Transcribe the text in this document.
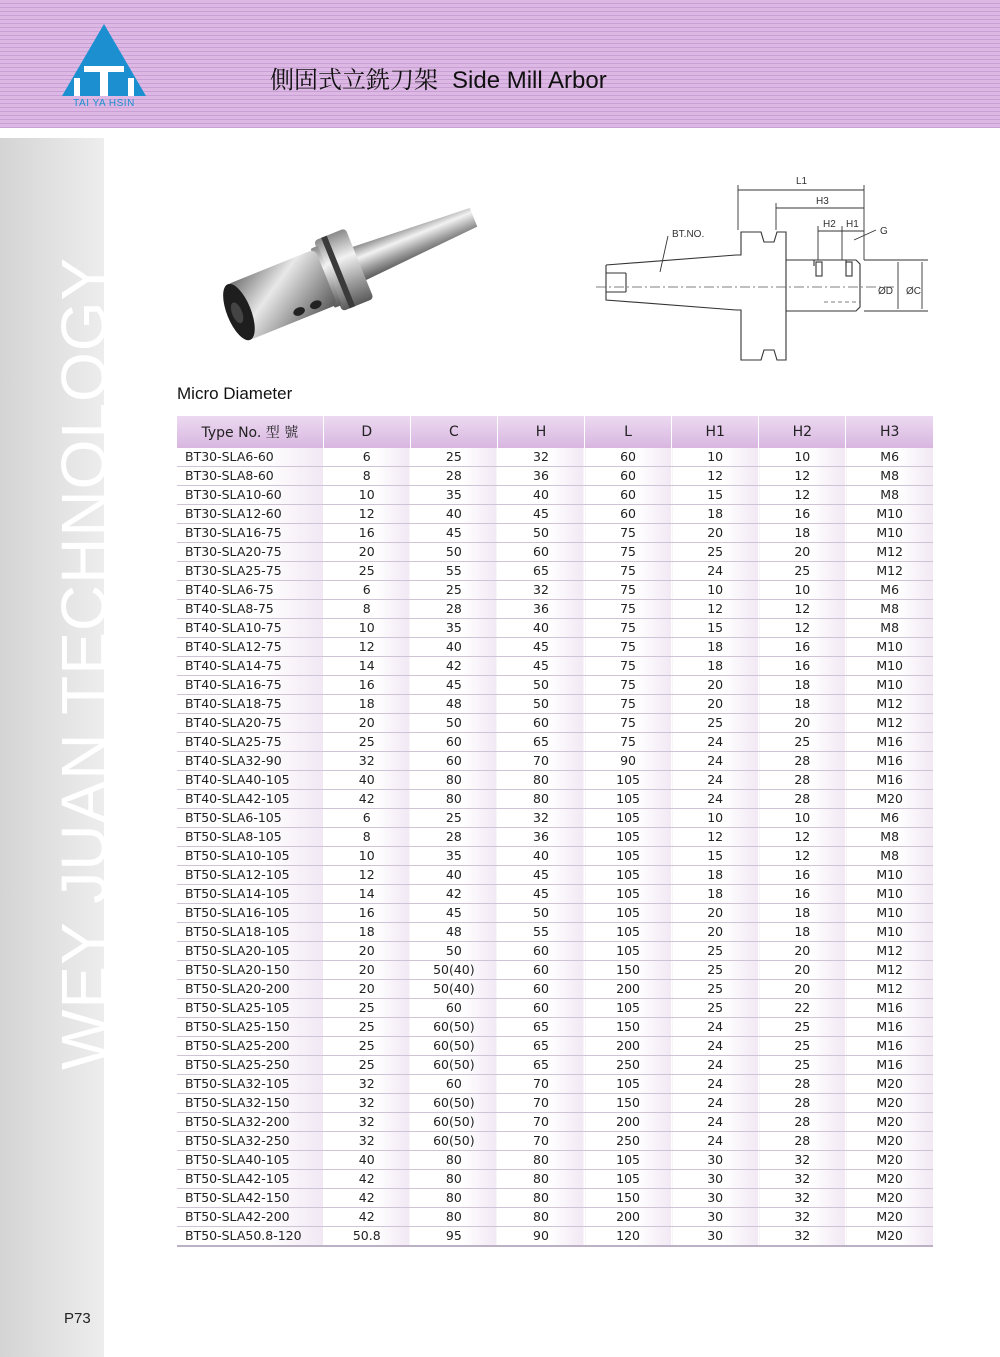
TAI YA HSIN
側固式立銑刀架 Side Mill Arbor
WEY JUAN TECHNOLOGY
P73
L1
H3
H2 H1
G
BT.NO.
ØD ØC
Micro Diameter
Type No. 型 號	D	C	H	L	H1	H2	H3
BT30-SLA6-60	6	25	32	60	10	10	M6
BT30-SLA8-60	8	28	36	60	12	12	M8
BT30-SLA10-60	10	35	40	60	15	12	M8
BT30-SLA12-60	12	40	45	60	18	16	M10
BT30-SLA16-75	16	45	50	75	20	18	M10
BT30-SLA20-75	20	50	60	75	25	20	M12
BT30-SLA25-75	25	55	65	75	24	25	M12
BT40-SLA6-75	6	25	32	75	10	10	M6
BT40-SLA8-75	8	28	36	75	12	12	M8
BT40-SLA10-75	10	35	40	75	15	12	M8
BT40-SLA12-75	12	40	45	75	18	16	M10
BT40-SLA14-75	14	42	45	75	18	16	M10
BT40-SLA16-75	16	45	50	75	20	18	M10
BT40-SLA18-75	18	48	50	75	20	18	M12
BT40-SLA20-75	20	50	60	75	25	20	M12
BT40-SLA25-75	25	60	65	75	24	25	M16
BT40-SLA32-90	32	60	70	90	24	28	M16
BT40-SLA40-105	40	80	80	105	24	28	M16
BT40-SLA42-105	42	80	80	105	24	28	M20
BT50-SLA6-105	6	25	32	105	10	10	M6
BT50-SLA8-105	8	28	36	105	12	12	M8
BT50-SLA10-105	10	35	40	105	15	12	M8
BT50-SLA12-105	12	40	45	105	18	16	M10
BT50-SLA14-105	14	42	45	105	18	16	M10
BT50-SLA16-105	16	45	50	105	20	18	M10
BT50-SLA18-105	18	48	55	105	20	18	M10
BT50-SLA20-105	20	50	60	105	25	20	M12
BT50-SLA20-150	20	50(40)	60	150	25	20	M12
BT50-SLA20-200	20	50(40)	60	200	25	20	M12
BT50-SLA25-105	25	60	60	105	25	22	M16
BT50-SLA25-150	25	60(50)	65	150	24	25	M16
BT50-SLA25-200	25	60(50)	65	200	24	25	M16
BT50-SLA25-250	25	60(50)	65	250	24	25	M16
BT50-SLA32-105	32	60	70	105	24	28	M20
BT50-SLA32-150	32	60(50)	70	150	24	28	M20
BT50-SLA32-200	32	60(50)	70	200	24	28	M20
BT50-SLA32-250	32	60(50)	70	250	24	28	M20
BT50-SLA40-105	40	80	80	105	30	32	M20
BT50-SLA42-105	42	80	80	105	30	32	M20
BT50-SLA42-150	42	80	80	150	30	32	M20
BT50-SLA42-200	42	80	80	200	30	32	M20
BT50-SLA50.8-120	50.8	95	90	120	30	32	M20
